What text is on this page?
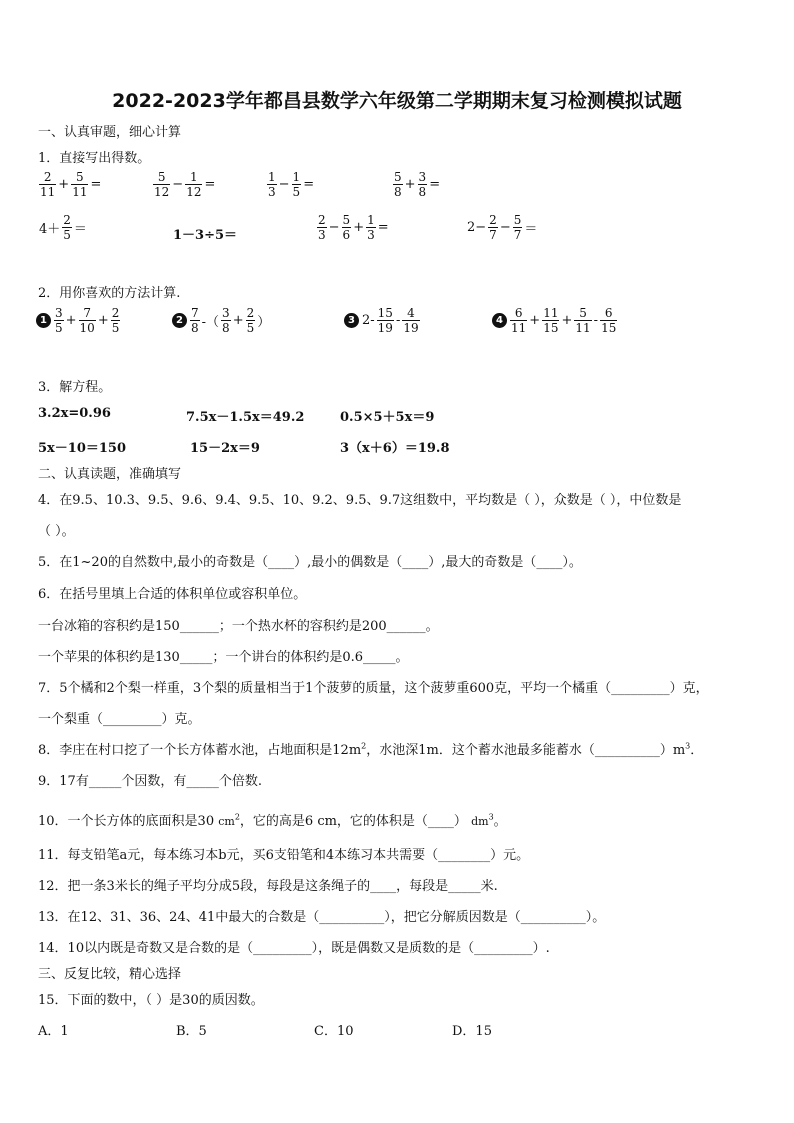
2022-2023学年都昌县数学六年级第二学期期末复习检测模拟试题
一、认真审题，细心计算
1．直接写出得数。
2．用你喜欢的方法计算.
3．解方程。
3.2x=0.96	7.5x－1.5x＝49.2	0.5×5＋5x＝9
5x－10＝150	15－2x＝9	3（x＋6）＝19.8
二、认真读题，准确填写
4．在9.5、10.3、9.5、9.6、9.4、9.5、10、9.2、9.5、9.7这组数中，平均数是（ ），众数是（ ），中位数是
（ ）。
5．在1~20的自然数中,最小的奇数是（____）,最小的偶数是（____）,最大的奇数是（____）。
6．在括号里填上合适的体积单位或容积单位。
一台冰箱的容积约是150______；一个热水杯的容积约是200______。
一个苹果的体积约是130_____；一个讲台的体积约是0.6_____。
7．5个橘和2个梨一样重，3个梨的质量相当于1个菠萝的质量，这个菠萝重600克，平均一个橘重（_________）克，
一个梨重（_________）克。
8．李庄在村口挖了一个长方体蓄水池，占地面积是$12m^2$，水池深1m．这个蓄水池最多能蓄水$(\_\_\_\_\_\_\_\_\_\_)m^3$．
9．17有_____个因数，有_____个倍数.
10．一个长方体的底面积是30 $cm^2$，它的高是6 cm，它的体积是（____） $dm^3$。
11．每支铅笔a元，每本练习本b元，买6支铅笔和4本练习本共需要（________）元。
12．把一条3米长的绳子平均分成5段，每段是这条绳子的____，每段是_____米.
13．在12、31、36、24、41中最大的合数是（__________），把它分解质因数是（__________）。
14．10以内既是奇数又是合数的是（_________），既是偶数又是质数的是（_________）.
三、反复比较，精心选择
15．下面的数中，（ ）是30的质因数。
A．1	B．5	C．10	D．15
$\frac{2}{11} + \frac{5}{11}$ =	$\frac{5}{12} - \frac{1}{12}$ =	$\frac{1}{3} - \frac{1}{5}$ =	$\frac{5}{8} + \frac{3}{8}$ =
$4+ \frac{2}{5}$ ＝	1－3÷5＝	$\frac{2}{3} - \frac{5}{6} + \frac{1}{3}$ =	$2- \frac{2}{7} - \frac{5}{7}$ ＝
$1 \frac{3}{5} + \frac{7}{10} + \frac{2}{5}$	$2 \frac{7}{8}$ -（ $\frac{3}{8} + \frac{2}{5}$ ）	3 $2- \frac{15}{19} - \frac{4}{19}$	$4 \frac{6}{11} + \frac{11}{15} + \frac{5}{11} - \frac{6}{15}$
